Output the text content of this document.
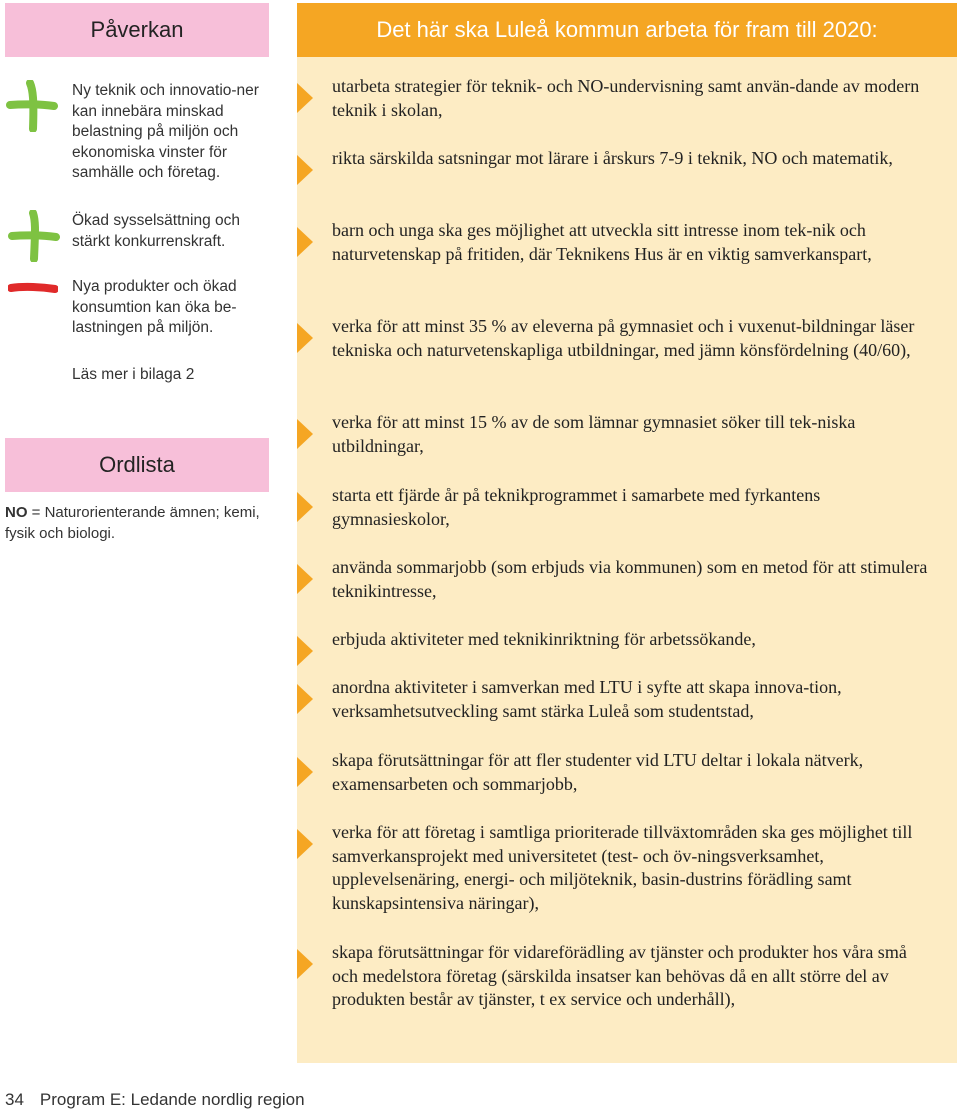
Påverkan
Ny teknik och innovatio-ner kan innebära minskad belastning på miljön och ekonomiska vinster för samhälle och företag.
Ökad sysselsättning och stärkt konkurrenskraft.
Nya produkter och ökad konsumtion kan öka be-lastningen på miljön.
Läs mer i bilaga 2
Ordlista
NO = Naturorienterande ämnen; kemi, fysik och biologi.
Det här ska Luleå kommun arbeta för fram till 2020:
utarbeta strategier för teknik- och NO-undervisning samt använ-dande av modern teknik i skolan,
rikta särskilda satsningar mot lärare i årskurs 7-9 i teknik, NO och matematik,
barn och unga ska ges möjlighet att utveckla sitt intresse inom tek-nik och naturvetenskap på fritiden, där Teknikens Hus är en viktig samverkanspart,
verka för att minst 35 % av eleverna på gymnasiet och i vuxenut-bildningar läser tekniska och naturvetenskapliga utbildningar, med jämn könsfördelning (40/60),
verka för att minst 15 % av de som lämnar gymnasiet söker till tek-niska utbildningar,
starta ett fjärde år på teknikprogrammet i samarbete med fyrkantens gymnasieskolor,
använda sommarjobb (som erbjuds via kommunen) som en metod för att stimulera teknikintresse,
erbjuda aktiviteter med teknikinriktning för arbetssökande,
anordna aktiviteter i samverkan med LTU i syfte att skapa innova-tion, verksamhetsutveckling samt stärka Luleå som studentstad,
skapa förutsättningar för att fler studenter vid LTU deltar i lokala nätverk, examensarbeten och sommarjobb,
verka för att företag i samtliga prioriterade tillväxtområden ska ges möjlighet till samverkansprojekt med universitetet (test- och öv-ningsverksamhet, upplevelsenäring, energi- och miljöteknik, basin-dustrins förädling samt kunskapsintensiva näringar),
skapa förutsättningar för vidareförädling av tjänster och produkter hos våra små och medelstora företag (särskilda insatser kan behövas då en allt större del av produkten består av tjänster, t ex service och underhåll),
34 Program E: Ledande nordlig region
